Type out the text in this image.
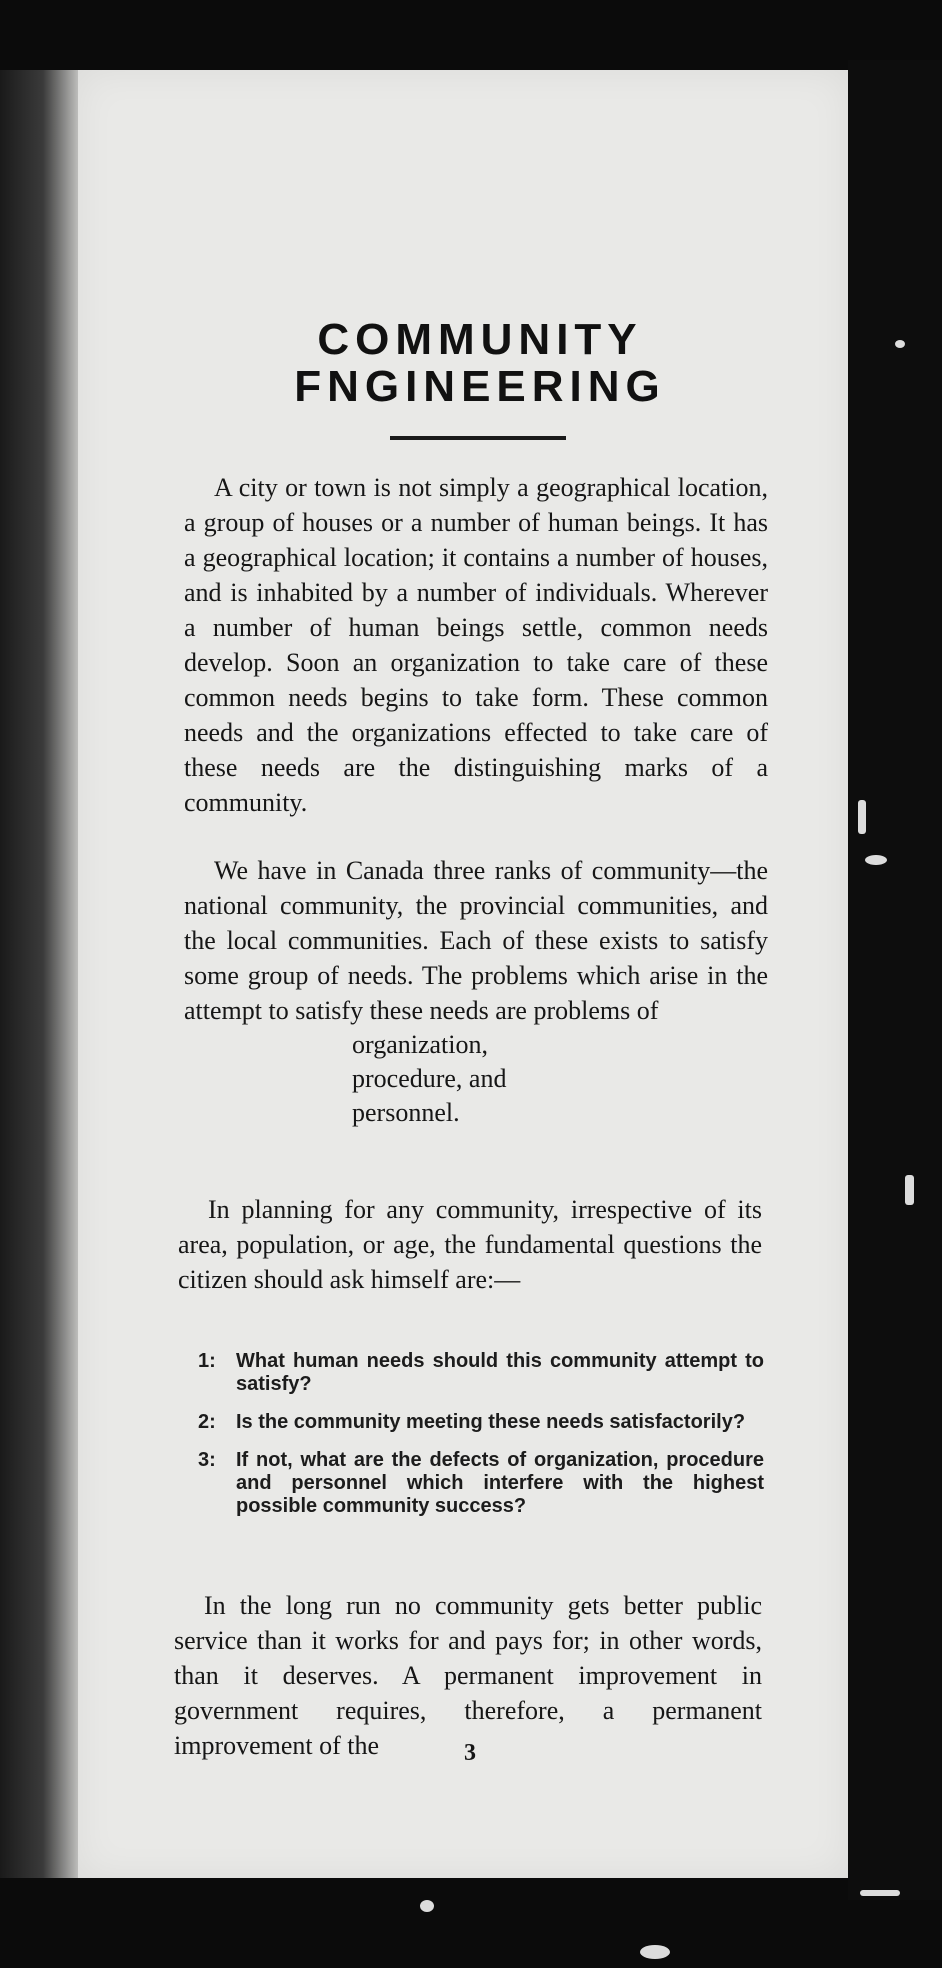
COMMUNITY
FNGINEERING

A city or town is not simply a geographical location, a group of houses or a number of human beings. It has a geographical location; it contains a number of houses, and is inhabited by a number of individuals. Wherever a number of human beings settle, common needs develop. Soon an organization to take care of these common needs begins to take form. These common needs and the organizations effected to take care of these needs are the distinguishing marks of a community.

We have in Canada three ranks of community—the national community, the provincial communities, and the local communities. Each of these exists to satisfy some group of needs. The problems which arise in the attempt to satisfy these needs are problems of

organization,
procedure, and
personnel.

In planning for any community, irrespective of its area, population, or age, the fundamental questions the citizen should ask himself are:—

1:	What human needs should this community attempt to satisfy?
2:	Is the community meeting these needs satisfactorily?
3:	If not, what are the defects of organization, procedure and personnel which interfere with the highest possible community success?

In the long run no community gets better public service than it works for and pays for; in other words, than it deserves. A permanent improvement in government requires, therefore, a permanent improvement of the	3
